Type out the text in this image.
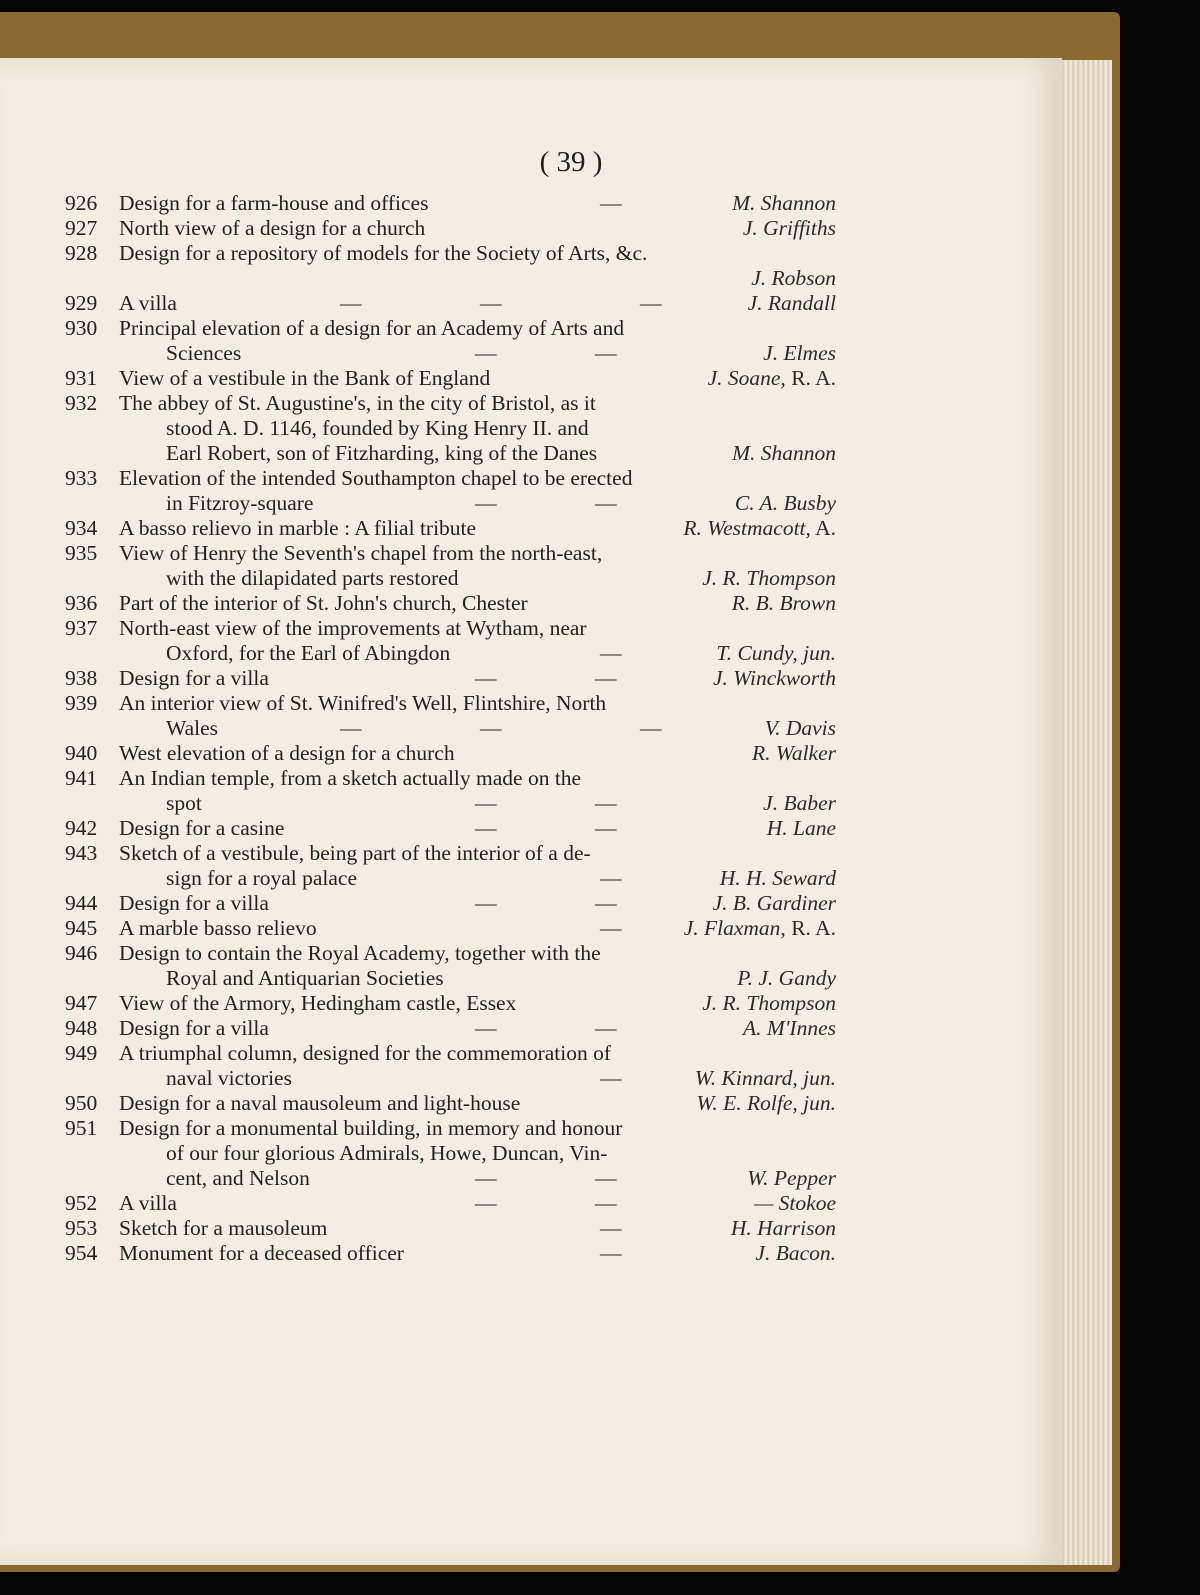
( 39 )
926	Design for a farm-house and offices	—	M. Shannon
927	North view of a design for a church	J. Griffiths
928	Design for a repository of models for the Society of Arts, &c.
J. Robson
929	A villa	—	—	—	J. Randall
930	Principal elevation of a design for an Academy of Arts and
Sciences	—	—	J. Elmes
931	View of a vestibule in the Bank of England	J. Soane, R. A.
932	The abbey of St. Augustine's, in the city of Bristol, as it
stood A. D. 1146, founded by King Henry II. and
Earl Robert, son of Fitzharding, king of the Danes	M. Shannon
933	Elevation of the intended Southampton chapel to be erected
in Fitzroy-square	—	—	C. A. Busby
934	A basso relievo in marble : A filial tribute	R. Westmacott, A.
935	View of Henry the Seventh's chapel from the north-east,
with the dilapidated parts restored	J. R. Thompson
936	Part of the interior of St. John's church, Chester	R. B. Brown
937	North-east view of the improvements at Wytham, near
Oxford, for the Earl of Abingdon	—	T. Cundy, jun.
938	Design for a villa	—	—	J. Winckworth
939	An interior view of St. Winifred's Well, Flintshire, North
Wales	—	—	—	V. Davis
940	West elevation of a design for a church	R. Walker
941	An Indian temple, from a sketch actually made on the
spot	—	—	J. Baber
942	Design for a casine	—	—	H. Lane
943	Sketch of a vestibule, being part of the interior of a de-
sign for a royal palace	—	H. H. Seward
944	Design for a villa	—	—	J. B. Gardiner
945	A marble basso relievo	—	J. Flaxman, R. A.
946	Design to contain the Royal Academy, together with the
Royal and Antiquarian Societies	P. J. Gandy
947	View of the Armory, Hedingham castle, Essex	J. R. Thompson
948	Design for a villa	—	—	A. M'Innes
949	A triumphal column, designed for the commemoration of
naval victories	—	W. Kinnard, jun.
950	Design for a naval mausoleum and light-house	W. E. Rolfe, jun.
951	Design for a monumental building, in memory and honour
of our four glorious Admirals, Howe, Duncan, Vin-
cent, and Nelson	—	—	W. Pepper
952	A villa	—	—	— Stokoe
953	Sketch for a mausoleum	—	H. Harrison
954	Monument for a deceased officer	—	J. Bacon.
